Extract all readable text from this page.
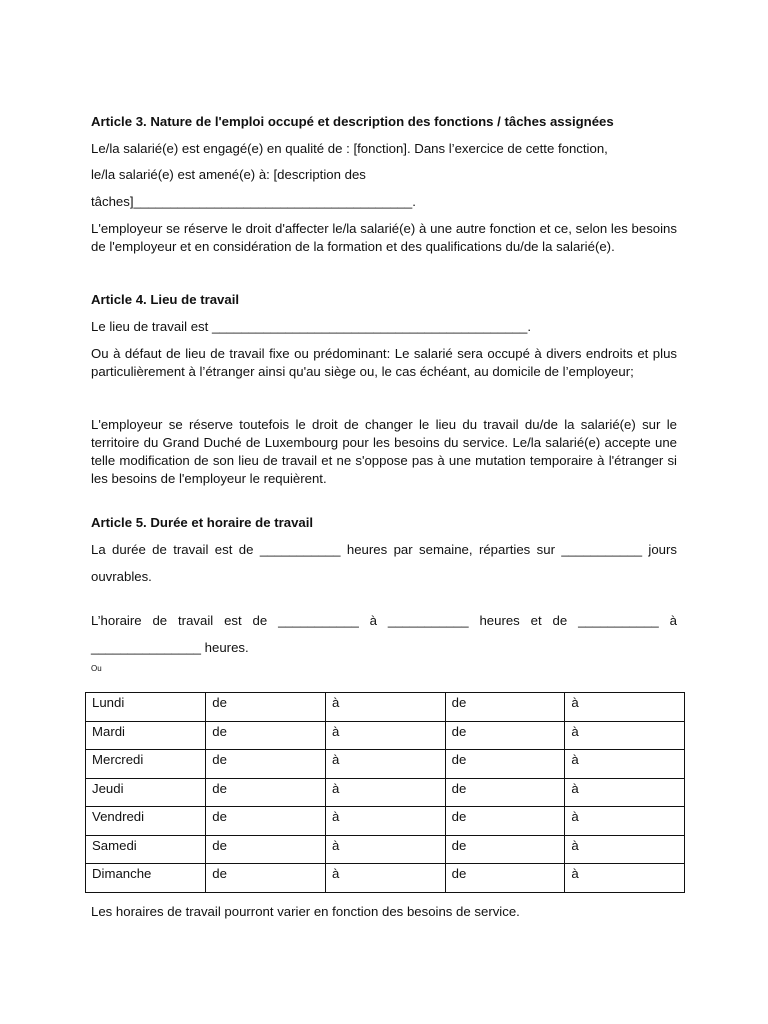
Article 3. Nature de l'emploi occupé et description des fonctions / tâches assignées

Le/la salarié(e) est engagé(e) en qualité de : [fonction]. Dans l’exercice de cette fonction,

le/la salarié(e) est amené(e) à: [description des

tâches]______________________________________.

L'employeur se réserve le droit d'affecter le/la salarié(e) à une autre fonction et ce, selon les besoins de l'employeur et en considération de la formation et des qualifications du/de la salarié(e).

Article 4. Lieu de travail

Le lieu de travail est ___________________________________________.

Ou à défaut de lieu de travail fixe ou prédominant: Le salarié sera occupé à divers endroits et plus particulièrement à l’étranger ainsi qu'au siège ou, le cas échéant, au domicile de l’employeur;

L'employeur se réserve toutefois le droit de changer le lieu du travail du/de la salarié(e) sur le territoire du Grand Duché de Luxembourg pour les besoins du service. Le/la salarié(e) accepte une telle modification de son lieu de travail et ne s'oppose pas à une mutation temporaire à l'étranger si les besoins de l'employeur le requièrent.

Article 5. Durée et horaire de travail

La durée de travail est de ___________ heures par semaine, réparties sur ___________ jours

ouvrables.

L’horaire de travail est de ___________ à ___________ heures et de ___________ à

_______________ heures.

Ou

Lundi	de	à	de	à
Mardi	de	à	de	à
Mercredi	de	à	de	à
Jeudi	de	à	de	à
Vendredi	de	à	de	à
Samedi	de	à	de	à
Dimanche	de	à	de	à

Les horaires de travail pourront varier en fonction des besoins de service.
